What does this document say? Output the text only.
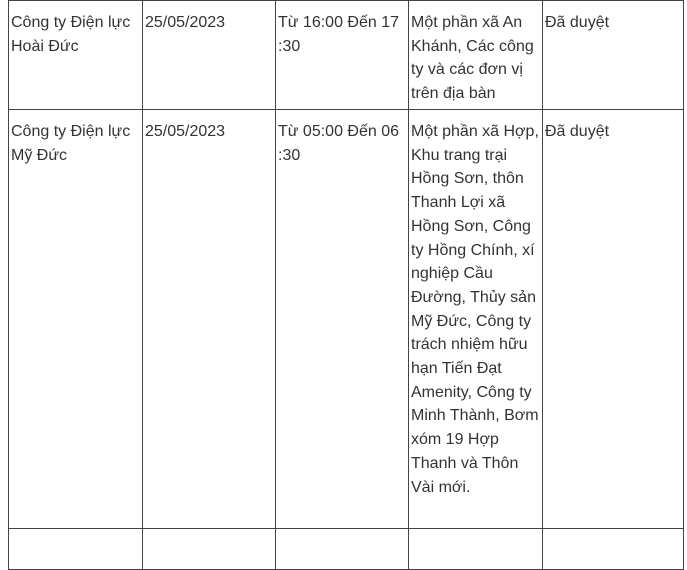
Công ty Điện lực Hoài Đức	25/05/2023	Từ 16:00 Đến 17 :30	Một phần xã An Khánh, Các công ty và các đơn vị trên địa bàn	Đã duyệt
Công ty Điện lực Mỹ Đức	25/05/2023	Từ 05:00 Đến 06 :30	Một phần xã Hợp, Khu trang trại Hồng Sơn, thôn Thanh Lợi xã Hồng Sơn, Công ty Hồng Chính, xí nghiệp Cầu Đường, Thủy sản Mỹ Đức, Công ty trách nhiệm hữu hạn Tiến Đạt Amenity, Công ty Minh Thành, Bơm xóm 19 Hợp Thanh và Thôn Vài mới.	Đã duyệt
